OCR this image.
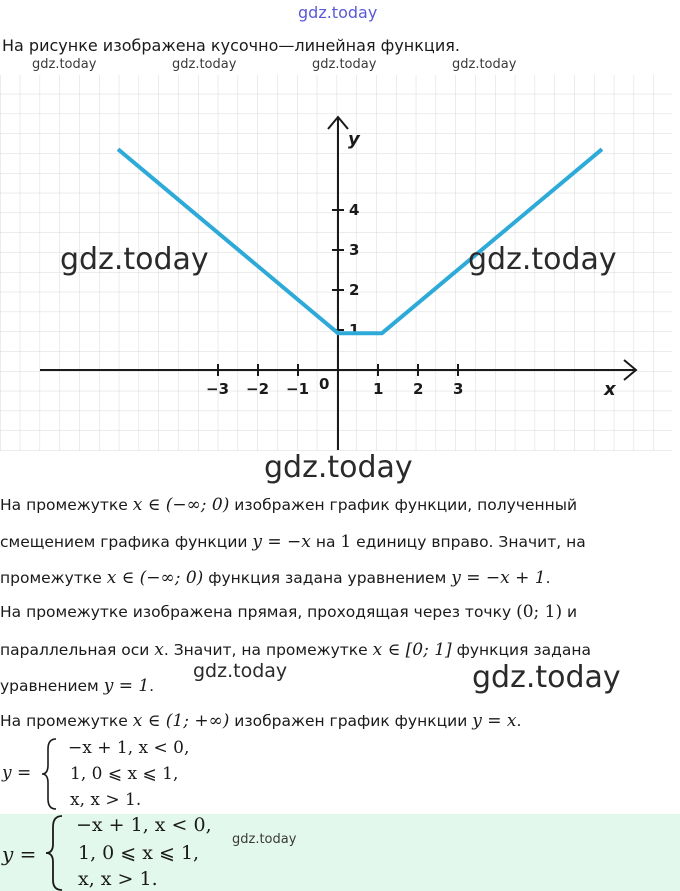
gdz.today
На рисунке изображена кусочно—линейная функция.
gdz.today	gdz.today	gdz.today	gdz.today
−3 −2 −1 0	1 2 3
1
2
3
4
x
y
gdz.today	gdz.today
gdz.today
На промежутке x ∈ (−∞; 0) изображен график функции, полученный
смещением графика функции y = −x на 1 единицу вправо. Значит, на
промежутке x ∈ (−∞; 0) функция задана уравнением y = −x + 1.
На промежутке изображена прямая, проходящая через точку (0; 1) и
параллельная оси x. Значит, на промежутке x ∈ [0; 1] функция задана
уравнением y = 1.
gdz.today	gdz.today
На промежутке x ∈ (1; +∞) изображен график функции y = x.
y =
−x + 1, x < 0,
1, 0 ⩽ x ⩽ 1,
x, x > 1.
y =
−x + 1, x < 0,
1, 0 ⩽ x ⩽ 1,
x, x > 1.
gdz.today
